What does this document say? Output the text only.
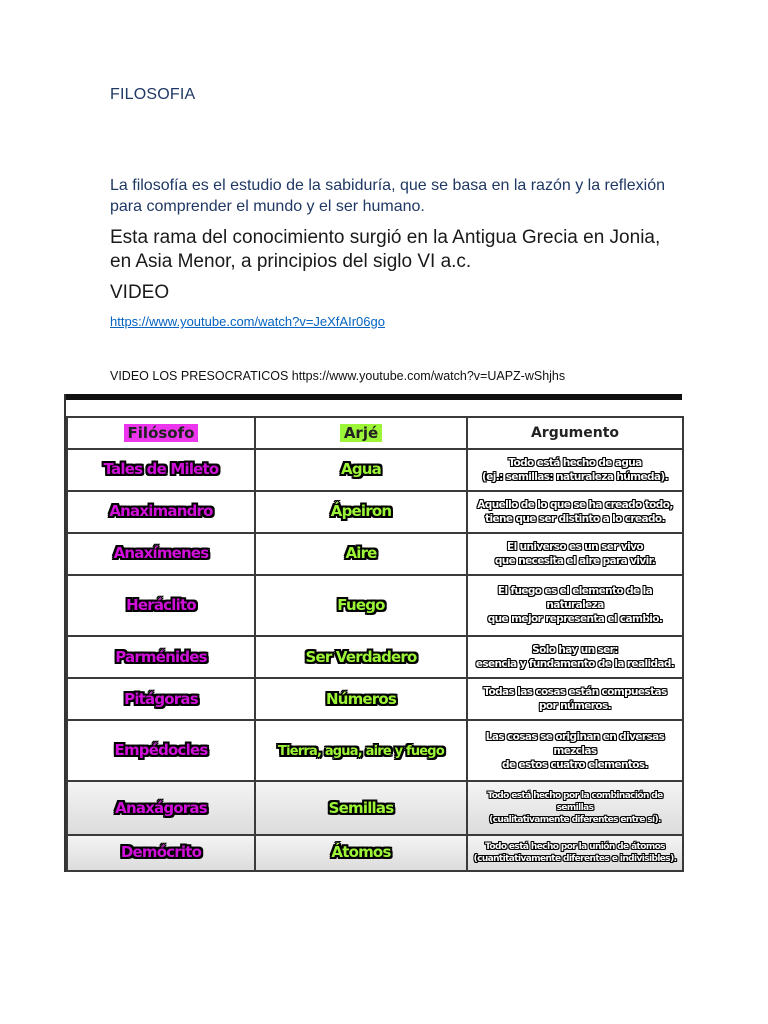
FILOSOFIA
La filosofía es el estudio de la sabiduría, que se basa en la razón y la reflexión para comprender el mundo y el ser humano.
Esta rama del conocimiento surgió en la Antigua Grecia en Jonia, en Asia Menor, a principios del siglo VI a.c.
VIDEO
https://www.youtube.com/watch?v=JeXfAIr06go
VIDEO LOS PRESOCRATICOS https://www.youtube.com/watch?v=UAPZ-wShjhs
Filósofo	Arjé	Argumento
Tales de Mileto	Agua	Todo está hecho de agua
(ej.: semillas: naturaleza húmeda).

Anaximandro	Ápeiron	Aquello de lo que se ha creado todo,
tiene que ser distinto a lo creado.

Anaxímenes	Aire	El universo es un ser vivo
que necesita el aire para vivir.

Heráclito	Fuego	El fuego es el elemento de la naturaleza
que mejor representa el cambio.

Parménides	Ser Verdadero	Solo hay un ser:
esencia y fundamento de la realidad.

Pitágoras	Números	Todas las cosas están compuestas
por números.

Empédocles	Tierra, agua, aire y fuego	Las cosas se originan en diversas mezclas
de estos cuatro elementos.

Anaxágoras	Semillas	Todo está hecho por la combinación de semillas
(cualitativamente diferentes entre sí).

Demócrito	Átomos	Todo está hecho por la unión de átomos
(cuantitativamente diferentes e indivisibles).
